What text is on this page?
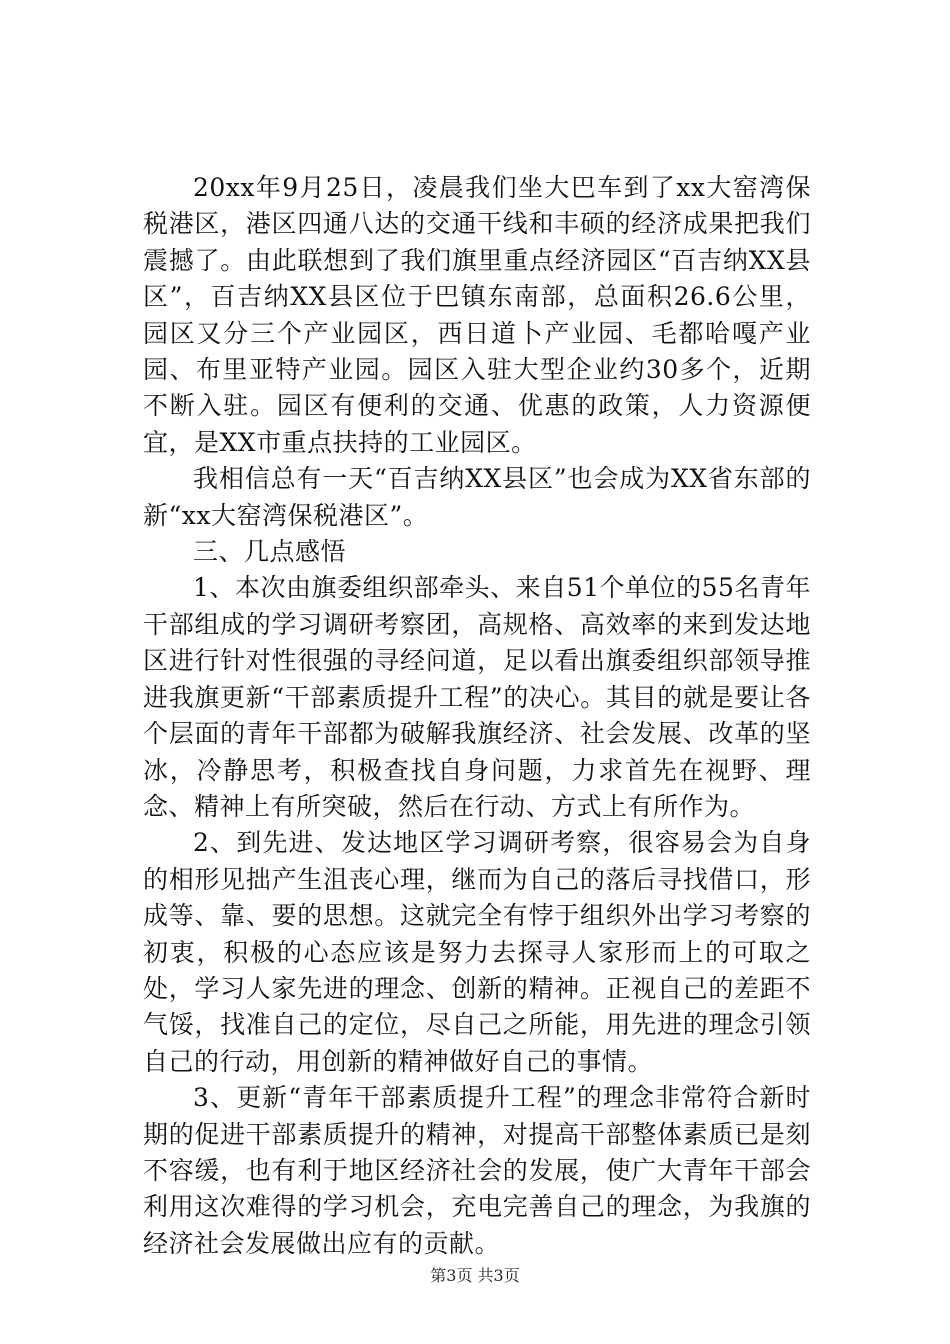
20xx年9月25日，凌晨我们坐大巴车到了xx大窑湾保税港区，港区四通八达的交通干线和丰硕的经济成果把我们震撼了。由此联想到了我们旗里重点经济园区“百吉纳XX县区”，百吉纳XX县区位于巴镇东南部，总面积26.6公里，园区又分三个产业园区，西日道卜产业园、毛都哈嘎产业园、布里亚特产业园。园区入驻大型企业约30多个，近期不断入驻。园区有便利的交通、优惠的政策，人力资源便宜，是XX市重点扶持的工业园区。

我相信总有一天“百吉纳XX县区”也会成为XX省东部的新“xx大窑湾保税港区”。

三、几点感悟

1、本次由旗委组织部牵头、来自51个单位的55名青年干部组成的学习调研考察团，高规格、高效率的来到发达地区进行针对性很强的寻经问道，足以看出旗委组织部领导推进我旗更新“干部素质提升工程”的决心。其目的就是要让各个层面的青年干部都为破解我旗经济、社会发展、改革的坚冰，冷静思考，积极查找自身问题，力求首先在视野、理念、精神上有所突破，然后在行动、方式上有所作为。

2、到先进、发达地区学习调研考察，很容易会为自身的相形见拙产生沮丧心理，继而为自己的落后寻找借口，形成等、靠、要的思想。这就完全有悖于组织外出学习考察的初衷，积极的心态应该是努力去探寻人家形而上的可取之处，学习人家先进的理念、创新的精神。正视自己的差距不气馁，找准自己的定位，尽自己之所能，用先进的理念引领自己的行动，用创新的精神做好自己的事情。

3、更新“青年干部素质提升工程”的理念非常符合新时期的促进干部素质提升的精神，对提高干部整体素质已是刻不容缓，也有利于地区经济社会的发展，使广大青年干部会利用这次难得的学习机会，充电完善自己的理念，为我旗的经济社会发展做出应有的贡献。

第3页 共3页
